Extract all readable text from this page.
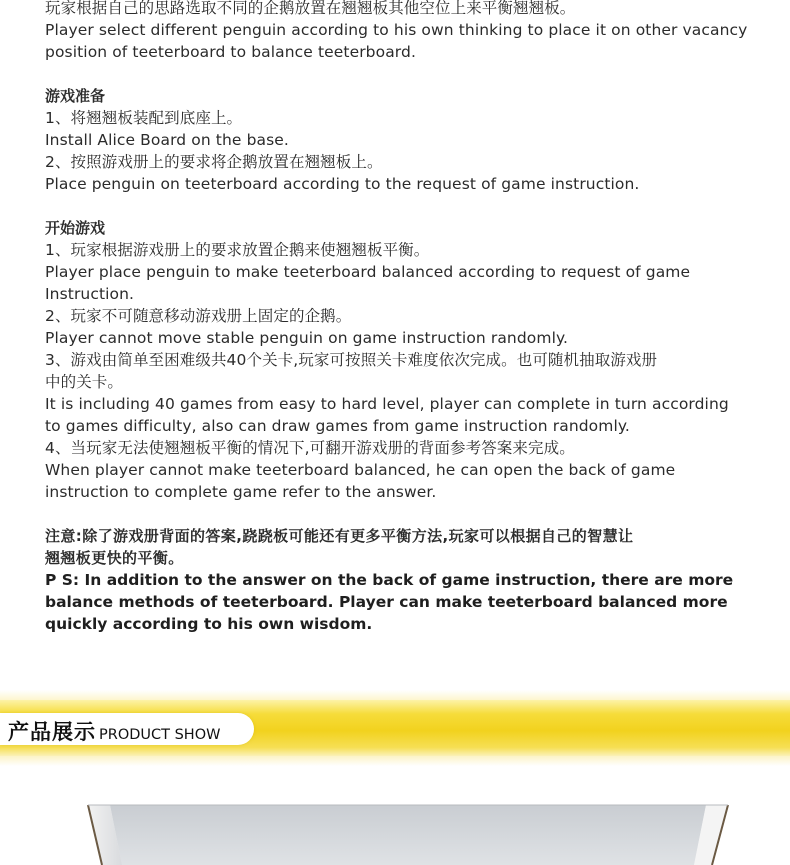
玩家根据自己的思路选取不同的企鹅放置在翘翘板其他空位上来平衡翘翘板。
Player select different penguin according to his own thinking to place it on other vacancy
position of teeterboard to balance teeterboard.
游戏准备
1、将翘翘板装配到底座上。
Install Alice Board on the base.
2、按照游戏册上的要求将企鹅放置在翘翘板上。
Place penguin on teeterboard according to the request of game instruction.
开始游戏
1、玩家根据游戏册上的要求放置企鹅来使翘翘板平衡。
Player place penguin to make teeterboard balanced according to request of game
Instruction.
2、玩家不可随意移动游戏册上固定的企鹅。
Player cannot move stable penguin on game instruction randomly.
3、游戏由简单至困难级共40个关卡,玩家可按照关卡难度依次完成。也可随机抽取游戏册
中的关卡。
It is including 40 games from easy to hard level, player can complete in turn according
to games difficulty, also can draw games from game instruction randomly.
4、当玩家无法使翘翘板平衡的情况下,可翻开游戏册的背面参考答案来完成。
When player cannot make teeterboard balanced, he can open the back of game
instruction to complete game refer to the answer.
注意:除了游戏册背面的答案,跷跷板可能还有更多平衡方法,玩家可以根据自己的智慧让
翘翘板更快的平衡。
P S: In addition to the answer on the back of game instruction, there are more
balance methods of teeterboard. Player can make teeterboard balanced more
quickly according to his own wisdom.
产品展示 PRODUCT SHOW
